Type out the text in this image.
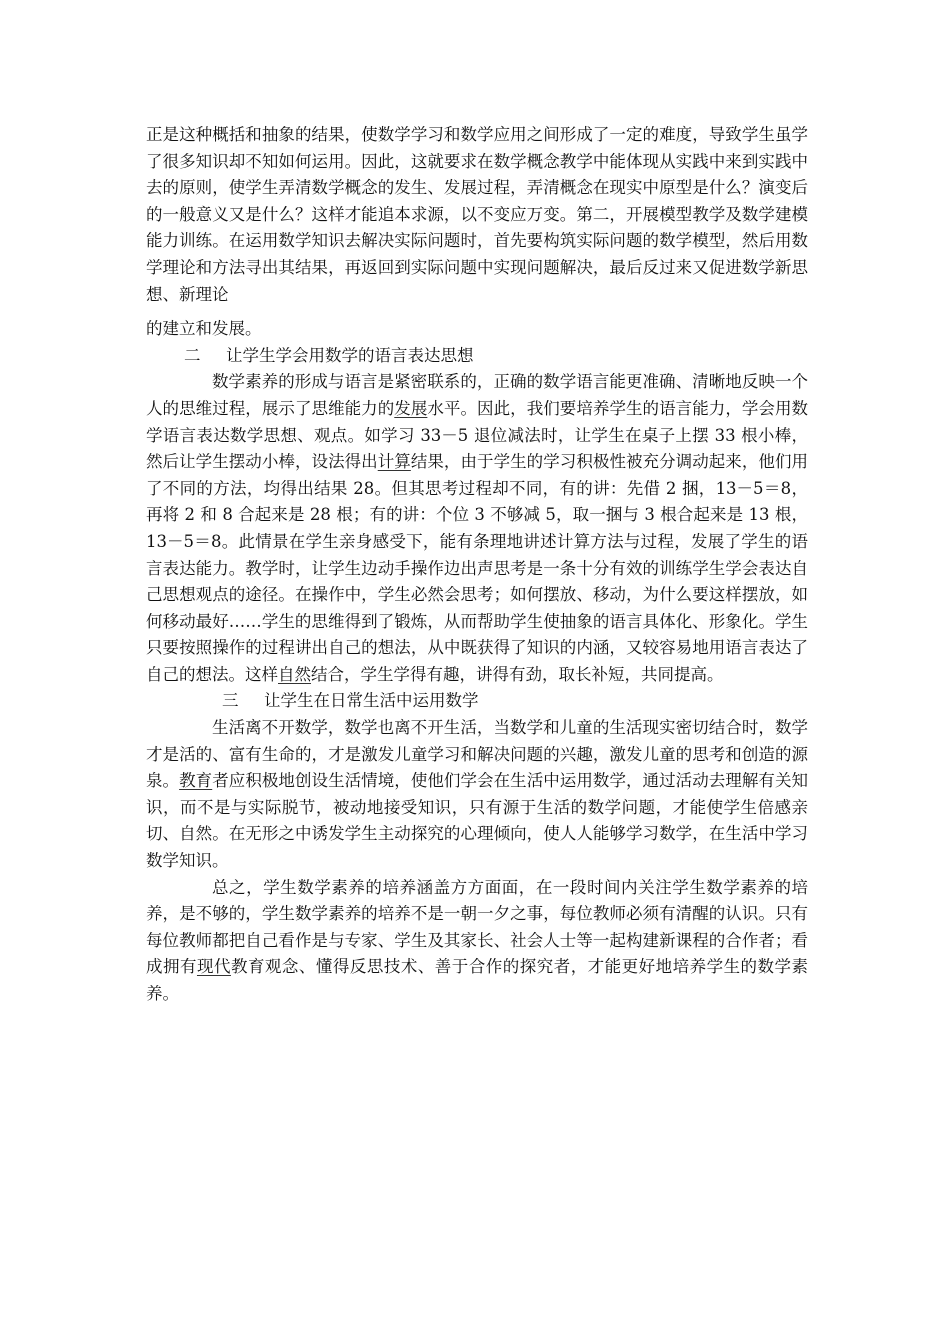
正是这种概括和抽象的结果，使数学学习和数学应用之间形成了一定的难度，导致学生虽学了很多知识却不知如何运用。因此，这就要求在数学概念教学中能体现从实践中来到实践中去的原则，使学生弄清数学概念的发生、发展过程，弄清概念在现实中原型是什么？演变后的一般意义又是什么？这样才能追本求源，以不变应万变。第二，开展模型教学及数学建模能力训练。在运用数学知识去解决实际问题时，首先要构筑实际问题的数学模型，然后用数学理论和方法寻出其结果，再返回到实际问题中实现问题解决，最后反过来又促进数学新思想、新理论

的建立和发展。

二 让学生学会用数学的语言表达思想

数学素养的形成与语言是紧密联系的，正确的数学语言能更准确、清晰地反映一个人的思维过程，展示了思维能力的发展水平。因此，我们要培养学生的语言能力，学会用数学语言表达数学思想、观点。如学习 33－5 退位减法时，让学生在桌子上摆 33 根小棒，然后让学生摆动小棒，设法得出计算结果，由于学生的学习积极性被充分调动起来，他们用了不同的方法，均得出结果 28。但其思考过程却不同，有的讲：先借 2 捆，13－5＝8，再将 2 和 8 合起来是 28 根；有的讲：个位 3 不够减 5，取一捆与 3 根合起来是 13 根，13－5＝8。此情景在学生亲身感受下，能有条理地讲述计算方法与过程，发展了学生的语言表达能力。教学时，让学生边动手操作边出声思考是一条十分有效的训练学生学会表达自己思想观点的途径。在操作中，学生必然会思考；如何摆放、移动，为什么要这样摆放，如何移动最好……学生的思维得到了锻炼，从而帮助学生使抽象的语言具体化、形象化。学生只要按照操作的过程讲出自己的想法，从中既获得了知识的内涵，又较容易地用语言表达了自己的想法。这样自然结合，学生学得有趣，讲得有劲，取长补短，共同提高。

三 让学生在日常生活中运用数学

生活离不开数学，数学也离不开生活，当数学和儿童的生活现实密切结合时，数学才是活的、富有生命的，才是激发儿童学习和解决问题的兴趣，激发儿童的思考和创造的源泉。教育者应积极地创设生活情境，使他们学会在生活中运用数学，通过活动去理解有关知识，而不是与实际脱节，被动地接受知识，只有源于生活的数学问题，才能使学生倍感亲切、自然。在无形之中诱发学生主动探究的心理倾向，使人人能够学习数学，在生活中学习数学知识。

总之，学生数学素养的培养涵盖方方面面，在一段时间内关注学生数学素养的培养，是不够的，学生数学素养的培养不是一朝一夕之事，每位教师必须有清醒的认识。只有每位教师都把自己看作是与专家、学生及其家长、社会人士等一起构建新课程的合作者；看成拥有现代教育观念、懂得反思技术、善于合作的探究者，才能更好地培养学生的数学素养。
